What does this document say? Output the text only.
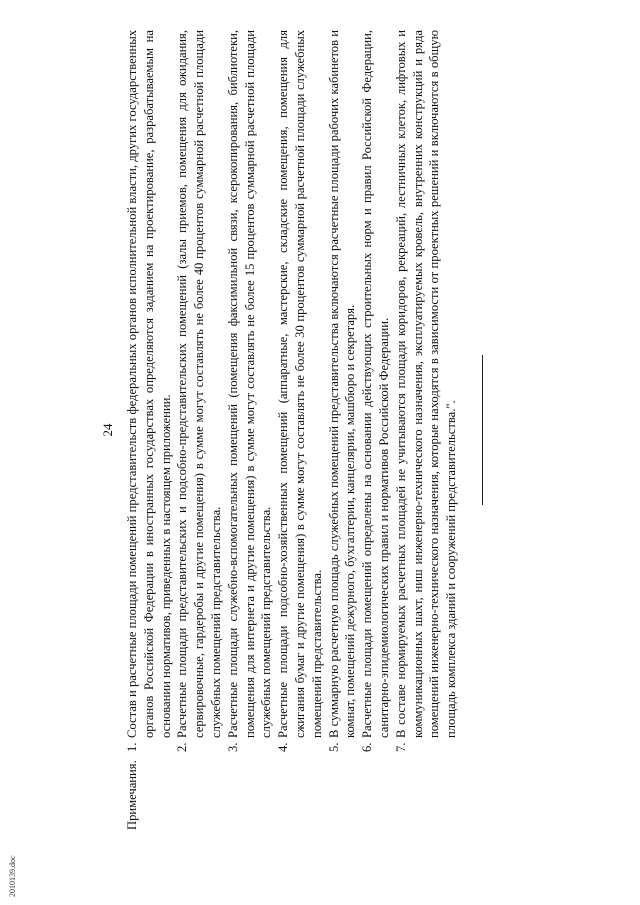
24
Примечания.
1.
Состав и расчетные площади помещений представительств федеральных органов исполнительной власти, других государственных органов Российской Федерации в иностранных государствах определяются заданием на проектирование, разрабатываемым на основании нормативов, приведенных в настоящем приложении.
2.
Расчетные площади представительских и подсобно-представительских помещений (залы приемов, помещения для ожидания, сервировочные, гардеробы и другие помещения) в сумме могут составлять не более 40 процентов суммарной расчетной площади служебных помещений представительства.
3.
Расчетные площади служебно-вспомогательных помещений (помещения факсимильной связи, ксерокопирования, библиотеки, помещения для интернета и другие помещения) в сумме могут составлять не более 15 процентов суммарной расчетной площади служебных помещений представительства.
4.
Расчетные площади подсобно-хозяйственных помещений (аппаратные, мастерские, складские помещения, помещения для сжигания бумаг и другие помещения) в сумме могут составлять не более 30 процентов суммарной расчетной площади служебных помещений представительства.
5.
В суммарную расчетную площадь служебных помещений представительства включаются расчетные площади рабочих кабинетов и комнат, помещений дежурного, бухгалтерии, канцелярии, машбюро и секретаря.
6.
Расчетные площади помещений определены на основании действующих строительных норм и правил Российской Федерации, санитарно-эпидемиологических правил и нормативов Российской Федерации.
7.
В составе нормируемых расчетных площадей не учитываются площади коридоров, рекреаций, лестничных клеток, лифтовых и коммуникационных шахт, ниш инженерно-технического назначения, эксплуатируемых кровель, внутренних конструкций и ряда помещений инженерно-технического назначения, которые находятся в зависимости от проектных решений и включаются в общую площадь комплекса зданий и сооружений представительства.".
2010139.doc
